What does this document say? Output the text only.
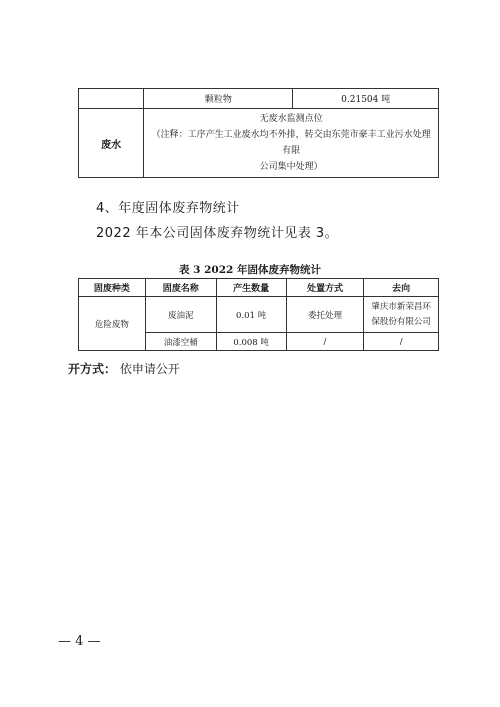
	颗粒物	0.21504 吨
废水	无废水监测点位
（注释：工序产生工业废水均不外排，转交由东莞市豪丰工业污水处理有限
公司集中处理）	
4、年度固体废弃物统计
2022 年本公司固体废弃物统计见表 3。
表 3 2022 年固体废弃物统计
固废种类	固废名称	产生数量	处置方式	去向
危险废物	废油泥	0.01 吨	委托处理	肇庆市新荣昌环
保股份有限公司

	油漆空桶	0.008 吨	/	/
开方式： 依申请公开
— 4 —
